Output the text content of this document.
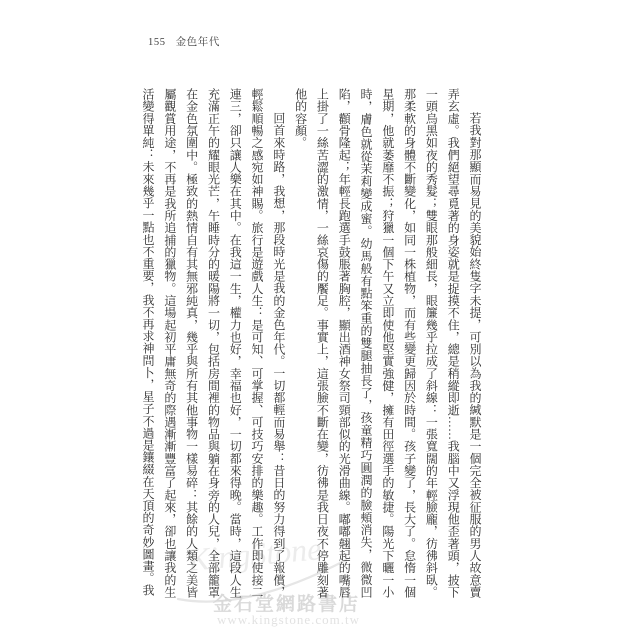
155 金色年代
KingStone
金石堂網路書店
www.kingstone.com.tw

若我對那顯而易見的美貌始終隻字未提，可別以為我的緘默是一個完全被征服的男人故意賣弄玄虛。我們絕望尋覓著的身姿就是捉摸不住，總是稍縱即逝……我腦中又浮現他歪著頭，披下一頭烏黑如夜的秀髮；雙眼那般細長，眼簾幾乎拉成了斜線：一張寬闊的年輕臉龐，彷彿斜臥。那柔軟的身體不斷變化，如同一株植物，而有些變更歸因於時間。孩子變了，長大了。怠惰一個星期，他就萎靡不振；狩獵一個下午又立即使他堅實強健，擁有田徑選手的敏捷。陽光下曬一小時，膚色就從茉莉變成蜜。幼馬般有點笨重的雙腿抽長了，孩童精巧圓潤的臉頰消失，微微凹陷，顴骨隆起；年輕長跑選手鼓脹著胸腔，顯出酒神女祭司頸部似的光滑曲線。嘟嘟翹起的嘴唇上掛了一絲苦澀的激情，一絲哀傷的饜足。事實上，這張臉不斷在變，彷彿是我日夜不停雕刻著他的容顏。

回首來時路，我想，那段時光是我的金色年代。一切都輕而易舉：昔日的努力得到了報償，輕鬆順暢之感宛如神賜。旅行是遊戲人生：是可知、可掌握、可技巧安排的樂趣。工作即使接二連三，卻只讓人樂在其中。在我這一生，權力也好，幸福也好，一切都來得晚。當時，這段人生充滿正午的耀眼光芒，午睡時分的暖陽將一切，包括房間裡的物品與躺在身旁的人兒，全部籠罩在金色氛圍中。極致的熱情自有其無邪純真，幾乎與所有其他事物一樣易碎：其餘的人類之美皆屬觀賞用途，不再是我所追捕的獵物。這場起初平庸無奇的際遇漸漸豐富了起來，卻也讓我的生活變得單純：未來幾乎一點也不重要，我不再求神問卜，星子不過是鑲綴在天頂的奇妙圖畫。我
